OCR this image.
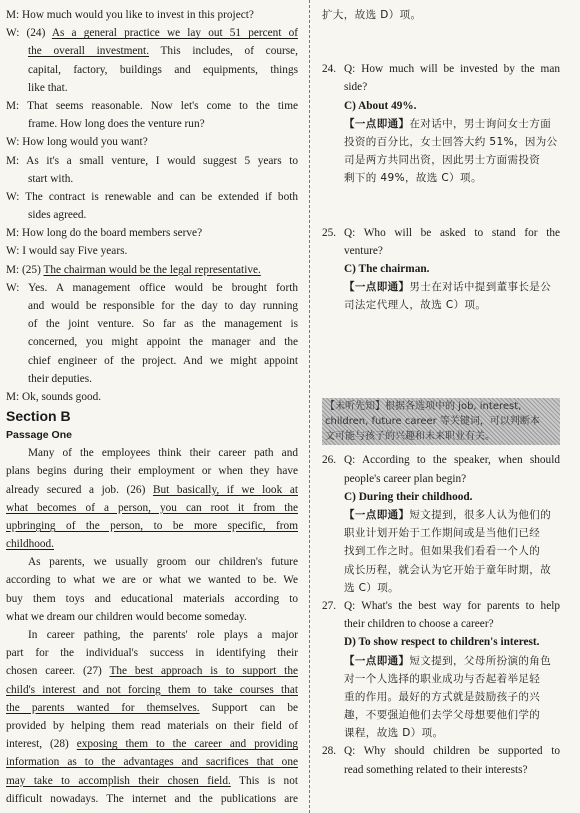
M: How much would you like to invest in this project?
W: (24) As a general practice we lay out 51 percent of
the overall investment. This includes, of course,
capital, factory, buildings and equipments, things
like that.
M: That seems reasonable. Now let's come to the time
frame. How long does the venture run?
W: How long would you want?
M: As it's a small venture, I would suggest 5 years to
start with.
W: The contract is renewable and can be extended if both
sides agreed.
M: How long do the board members serve?
W: I would say Five years.
M: (25) The chairman would be the legal representative.
W: Yes. A management office would be brought forth
and would be responsible for the day to day running
of the joint venture. So far as the management is
concerned, you might appoint the manager and the
chief engineer of the project. And we might appoint
their deputies.
M: Ok, sounds good.
Section B
Passage One
Many of the employees think their career path and
plans begins during their employment or when they have
already secured a job. (26) But basically, if we look at
what becomes of a person, you can root it from the
upbringing of the person, to be more specific, from
childhood.
As parents, we usually groom our children's future
according to what we are or what we wanted to be. We
buy them toys and educational materials according to
what we dream our children would become someday.
In career pathing, the parents' role plays a major
part for the individual's success in identifying their
chosen career. (27) The best approach is to support the
child's interest and not forcing them to take courses that
the parents wanted for themselves. Support can be
provided by helping them read materials on their field of
interest, (28) exposing them to the career and providing
information as to the advantages and sacrifices that one
may take to accomplish their chosen field. This is not
difficult nowadays. The internet and the publications are
扩大，故选 D）项。
24. Q: How much will be invested by the man
side?
C) About 49%.
【一点即通】在对话中，男士询问女士方面
投资的百分比，女士回答大约 51%，因为公
司是两方共同出资，因此男士方面需投资
剩下的 49%，故选 C）项。
25. Q: Who will be asked to stand for the
venture?
C) The chairman.
【一点即通】男士在对话中提到董事长是公
司法定代理人，故选 C）项。
【未听先知】根据各选项中的 job, interest,
children, future career 等关键词，可以判断本
文可能与孩子的兴趣和未来职业有关。
26. Q: According to the speaker, when should
people's career plan begin?
C) During their childhood.
【一点即通】短文提到，很多人认为他们的
职业计划开始于工作期间或是当他们已经
找到工作之时。但如果我们看看一个人的
成长历程，就会认为它开始于童年时期，故
选 C）项。
27. Q: What's the best way for parents to help
their children to choose a career?
D) To show respect to children's interest.
【一点即通】短文提到，父母所扮演的角色
对一个人选择的职业成功与否起着举足轻
重的作用。最好的方式就是鼓励孩子的兴
趣，不要强迫他们去学父母想要他们学的
课程，故选 D）项。
28. Q: Why should children be supported to
read something related to their interests?
